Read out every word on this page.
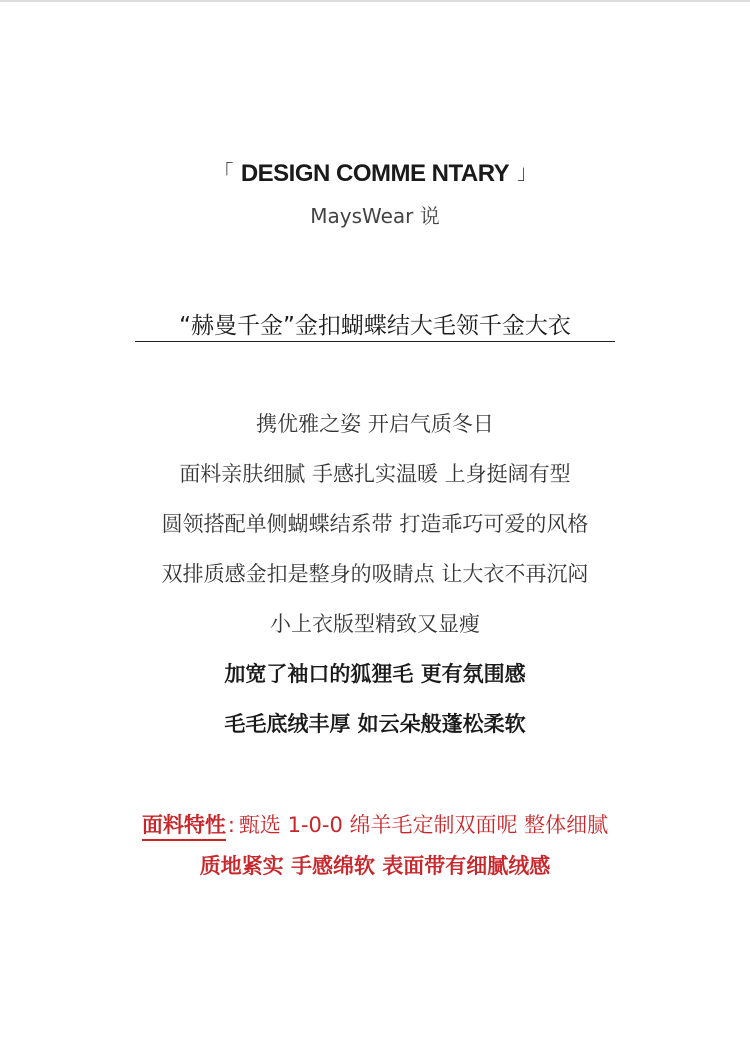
「 DESIGN COMME NTARY 」
MaysWear 说
“赫曼千金”金扣蝴蝶结大毛领千金大衣
携优雅之姿 开启气质冬日
面料亲肤细腻 手感扎实温暖 上身挺阔有型
圆领搭配单侧蝴蝶结系带 打造乖巧可爱的风格
双排质感金扣是整身的吸睛点 让大衣不再沉闷
小上衣版型精致又显瘦
加宽了袖口的狐狸毛 更有氛围感
毛毛底绒丰厚 如云朵般蓬松柔软
面料特性: 甄选 1-0-0 绵羊毛定制双面呢 整体细腻
质地紧实 手感绵软 表面带有细腻绒感
